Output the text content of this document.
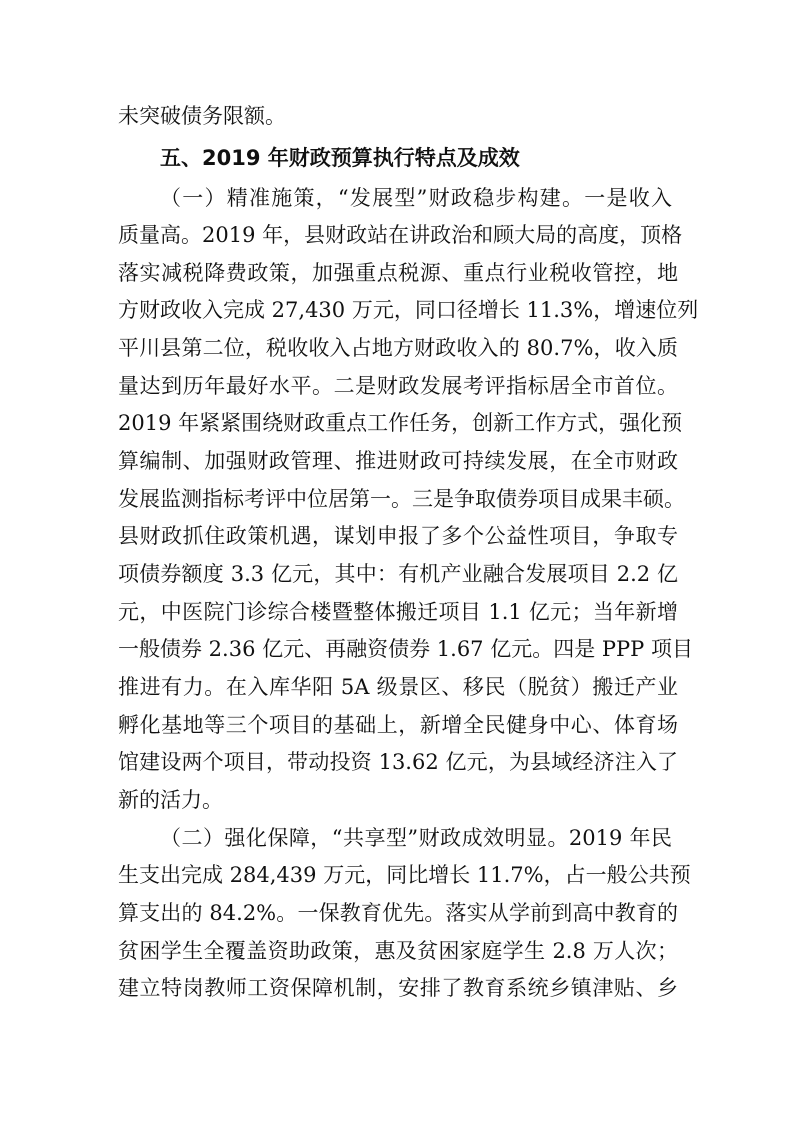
未突破债务限额。
五、2019 年财政预算执行特点及成效
（一）精准施策，“发展型”财政稳步构建。一是收入
质量高。2019 年，县财政站在讲政治和顾大局的高度，顶格
落实减税降费政策，加强重点税源、重点行业税收管控，地
方财政收入完成 27,430 万元，同口径增长 11.3%，增速位列
平川县第二位，税收收入占地方财政收入的 80.7%，收入质
量达到历年最好水平。二是财政发展考评指标居全市首位。
2019 年紧紧围绕财政重点工作任务，创新工作方式，强化预
算编制、加强财政管理、推进财政可持续发展，在全市财政
发展监测指标考评中位居第一。三是争取债券项目成果丰硕。
县财政抓住政策机遇，谋划申报了多个公益性项目，争取专
项债券额度 3.3 亿元，其中：有机产业融合发展项目 2.2 亿
元，中医院门诊综合楼暨整体搬迁项目 1.1 亿元；当年新增
一般债券 2.36 亿元、再融资债券 1.67 亿元。四是 PPP 项目
推进有力。在入库华阳 5A 级景区、移民（脱贫）搬迁产业
孵化基地等三个项目的基础上，新增全民健身中心、体育场
馆建设两个项目，带动投资 13.62 亿元，为县域经济注入了
新的活力。
（二）强化保障，“共享型”财政成效明显。2019 年民
生支出完成 284,439 万元，同比增长 11.7%，占一般公共预
算支出的 84.2%。一保教育优先。落实从学前到高中教育的
贫困学生全覆盖资助政策，惠及贫困家庭学生 2.8 万人次；
建立特岗教师工资保障机制，安排了教育系统乡镇津贴、乡
